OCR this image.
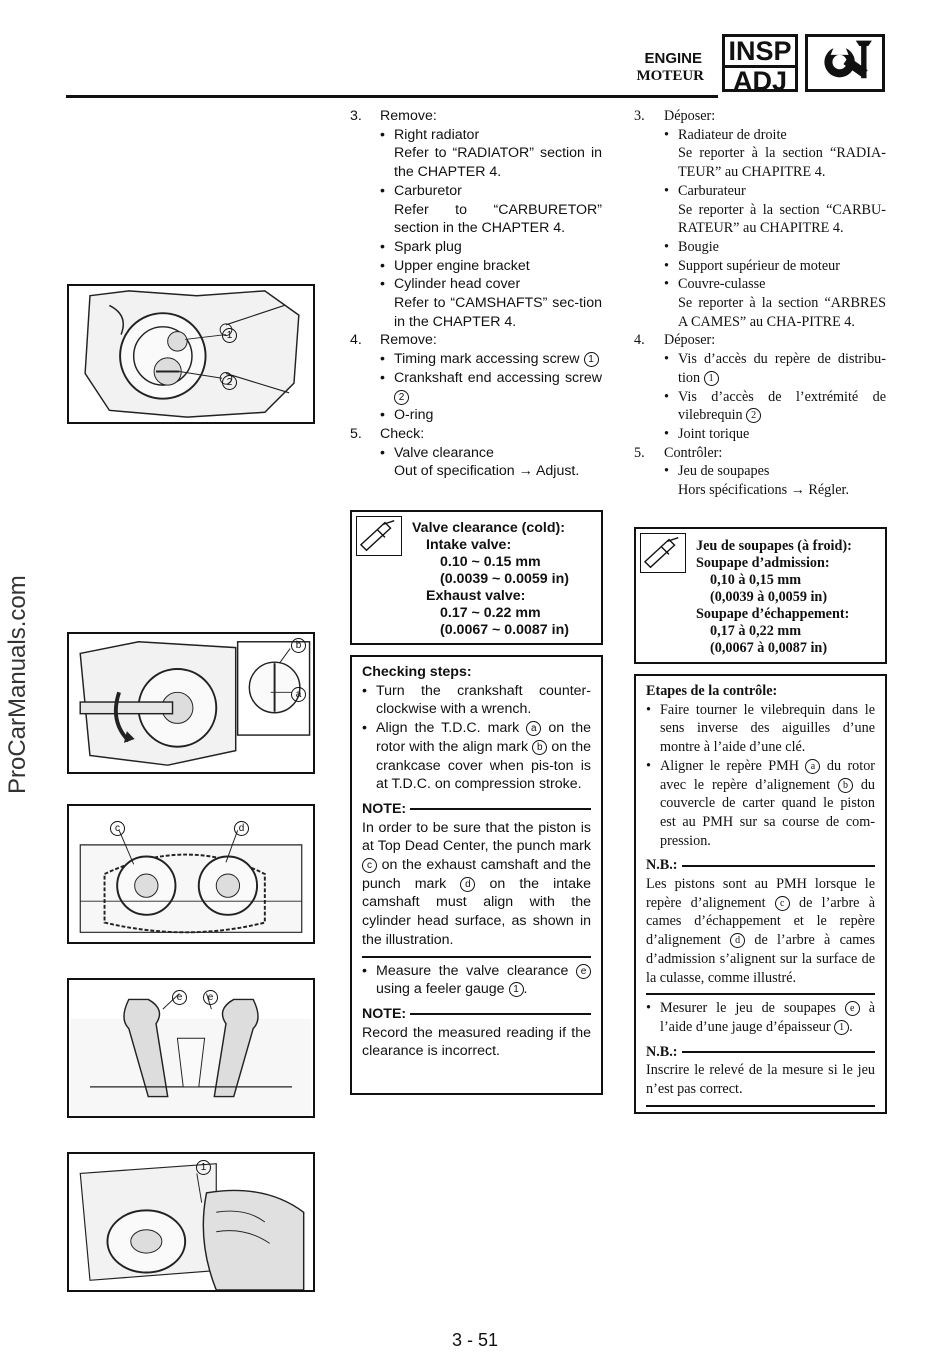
ENGINE
MOTEUR
INSP
ADJ
ProCarManuals.com
1
2
b
a
c	d
e	e
1
3. Remove:
• Right radiator
Refer to “RADIATOR” section in the CHAPTER 4.
• Carburetor
Refer to “CARBURETOR” section in the CHAPTER 4.
• Spark plug
• Upper engine bracket
• Cylinder head cover
Refer to “CAMSHAFTS” sec-tion in the CHAPTER 4.
4. Remove:
• Timing mark accessing screw 1
• Crankshaft end accessing screw 2
• O-ring
5. Check:
• Valve clearance
Out of specification → Adjust.
Valve clearance (cold):
Intake valve:
0.10 ~ 0.15 mm
(0.0039 ~ 0.0059 in)
Exhaust valve:
0.17 ~ 0.22 mm
(0.0067 ~ 0.0087 in)
Checking steps:
• Turn the crankshaft counter-clockwise with a wrench.
• Align the T.D.C. mark a on the rotor with the align mark b on the crankcase cover when pis-ton is at T.D.C. on compression stroke.
NOTE:
In order to be sure that the piston is at Top Dead Center, the punch mark c on the exhaust camshaft and the punch mark d on the intake camshaft must align with the cylinder head surface, as shown in the illustration.
• Measure the valve clearance e using a feeler gauge 1 .
NOTE:
Record the measured reading if the clearance is incorrect.
3. Déposer:
• Radiateur de droite
Se reporter à la section “RADIA-TEUR” au CHAPITRE 4.
• Carburateur
Se reporter à la section “CARBU-RATEUR” au CHAPITRE 4.
• Bougie
• Support supérieur de moteur
• Couvre-culasse
Se reporter à la section “ARBRES A CAMES” au CHA-PITRE 4.
4. Déposer:
• Vis d’accès du repère de distribu-tion 1
• Vis d’accès de l’extrémité de vilebrequin 2
• Joint torique
5. Contrôler:
• Jeu de soupapes
Hors spécifications → Régler.
Jeu de soupapes (à froid):
Soupape d’admission:
0,10 à 0,15 mm
(0,0039 à 0,0059 in)
Soupape d’échappement:
0,17 à 0,22 mm
(0,0067 à 0,0087 in)
Etapes de la contrôle:
• Faire tourner le vilebrequin dans le sens inverse des aiguilles d’une montre à l’aide d’une clé.
• Aligner le repère PMH a du rotor avec le repère d’alignement b du couvercle de carter quand le piston est au PMH sur sa course de com-pression.
N.B.:
Les pistons sont au PMH lorsque le repère d’alignement c de l’arbre à cames d’échappement et le repère d’alignement d de l’arbre à cames d’admission s’alignent sur la surface de la culasse, comme illustré.
• Mesurer le jeu de soupapes e à l’aide d’une jauge d’épaisseur 1 .
N.B.:
Inscrire le relevé de la mesure si le jeu n’est pas correct.
3 - 51
